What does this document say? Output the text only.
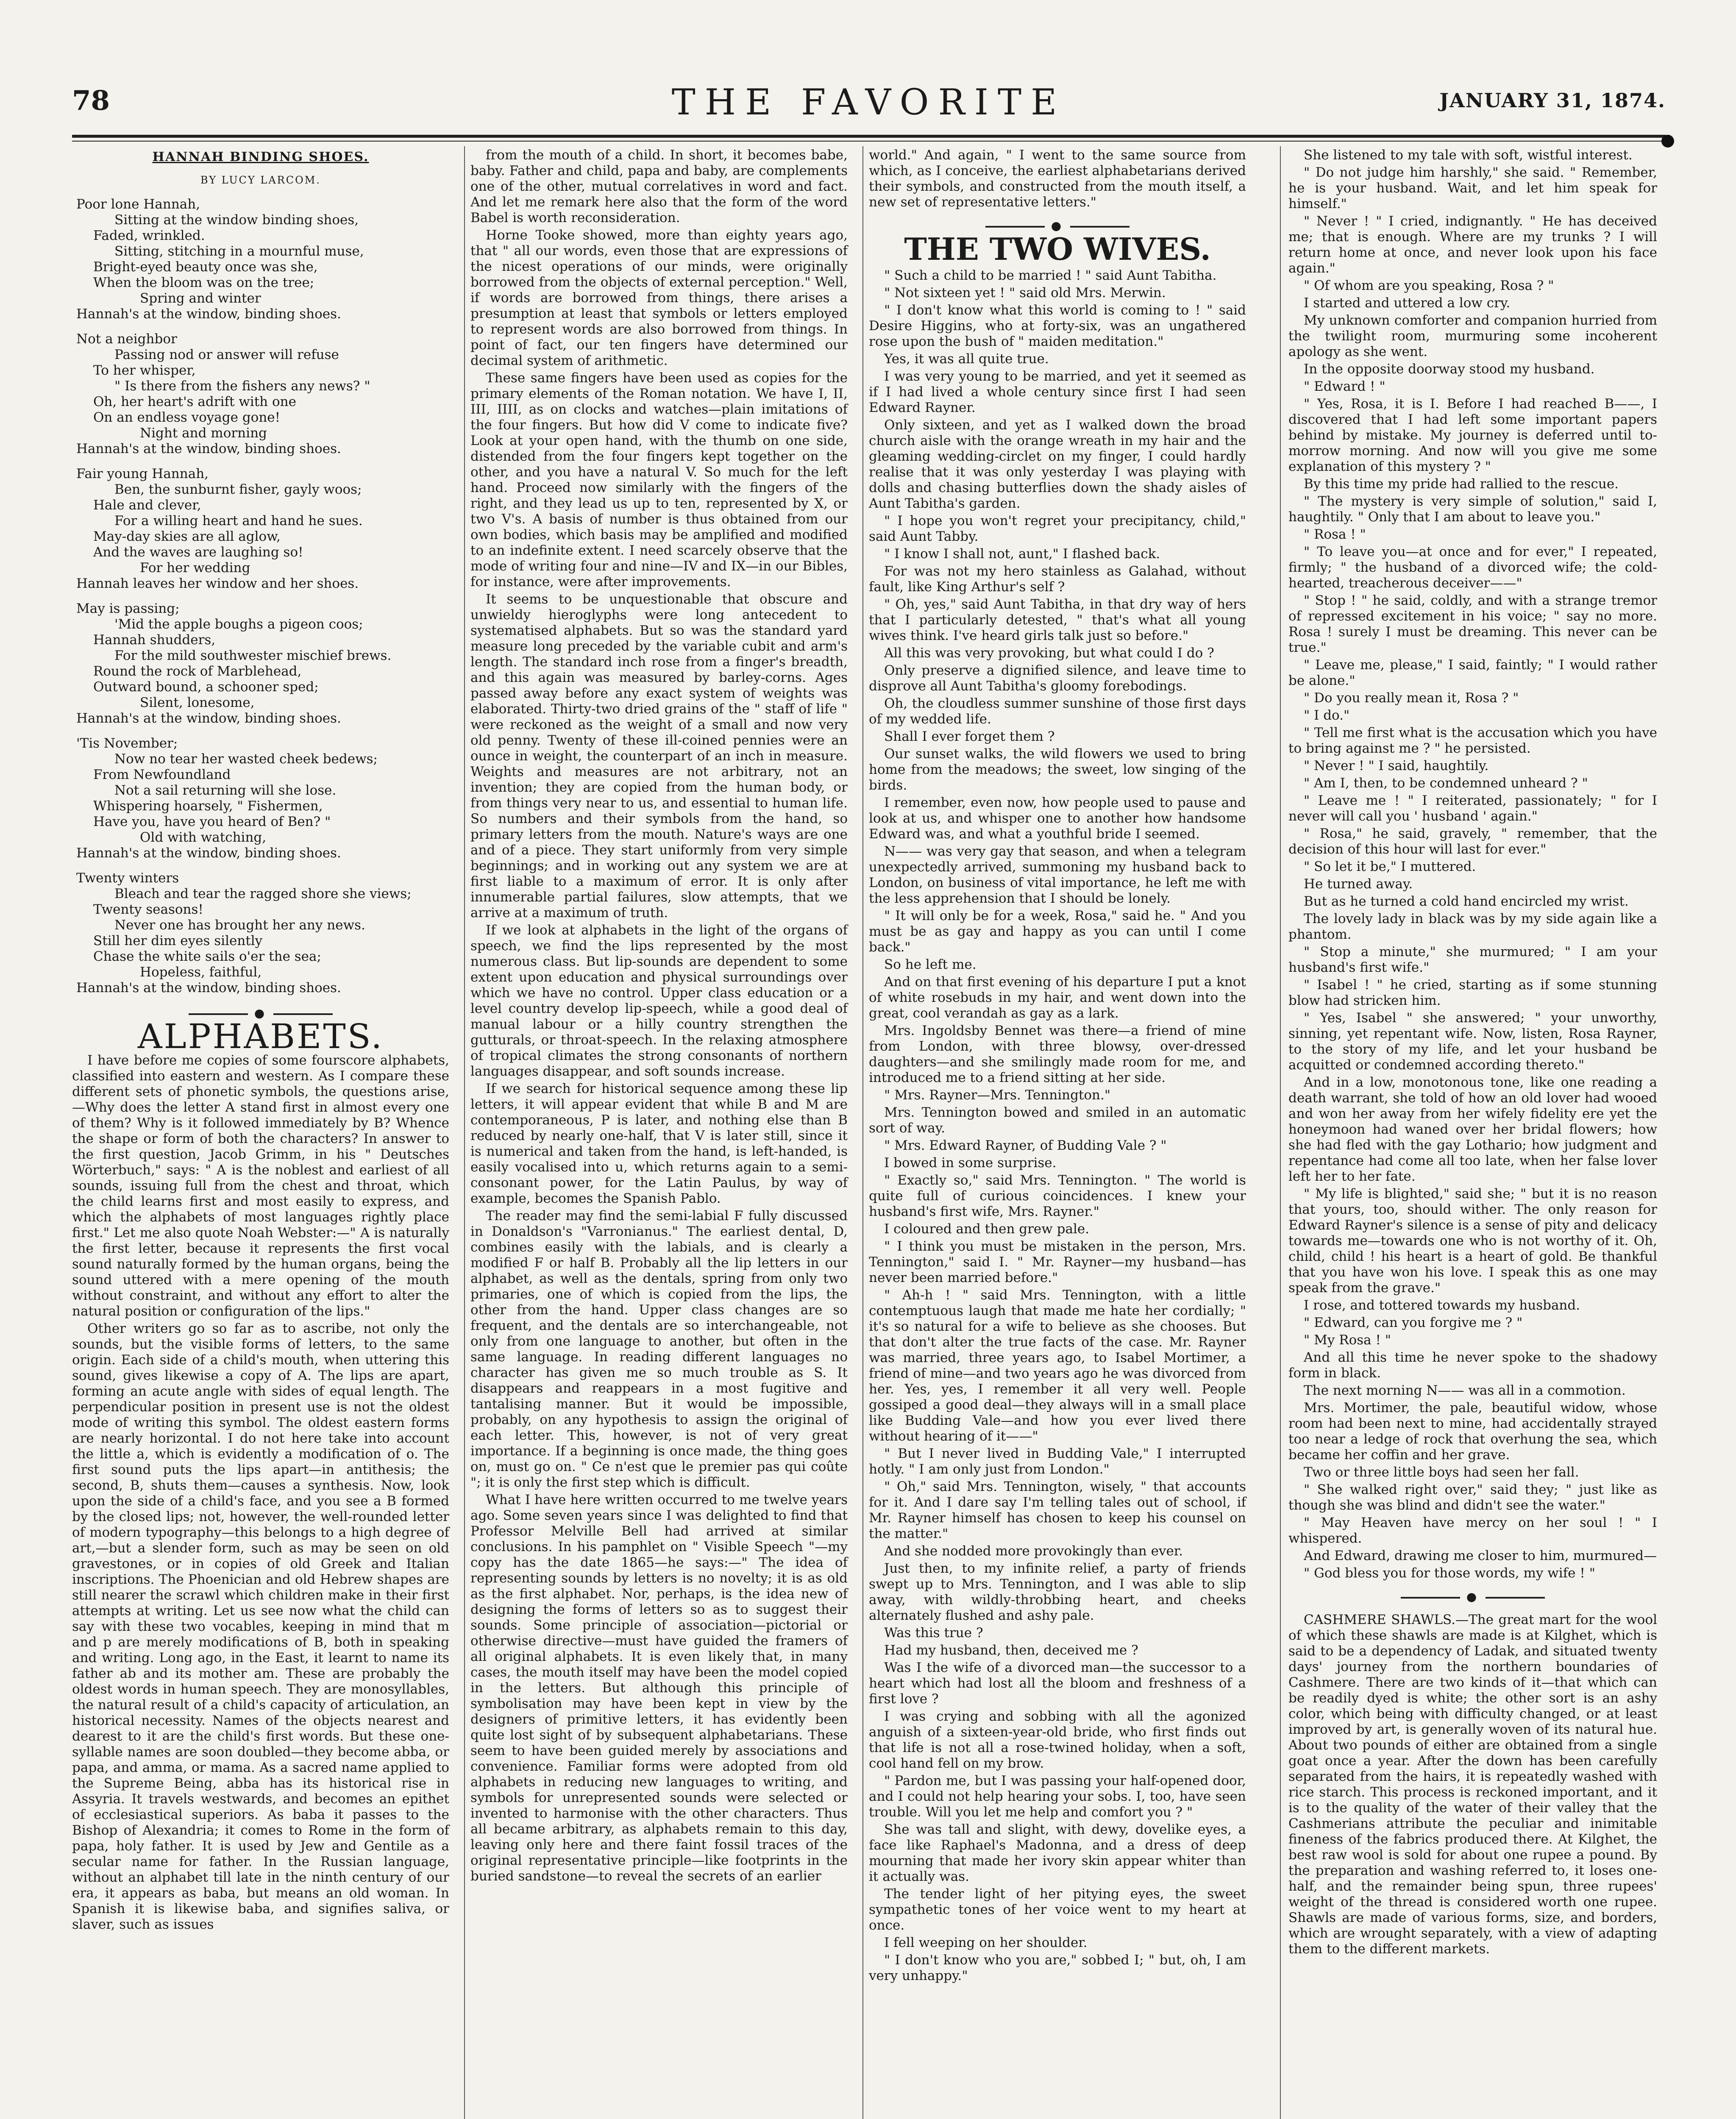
78	THE FAVORITE	JANUARY 31, 1874.
HANNAH BINDING SHOES.
BY LUCY LARCOM.
Poor lone Hannah,
Sitting at the window binding shoes,
Faded, wrinkled.
Sitting, stitching in a mournful muse,
Bright-eyed beauty once was she,
When the bloom was on the tree;
Spring and winter
Hannah's at the window, binding shoes.
Not a neighbor
Passing nod or answer will refuse
To her whisper,
" Is there from the fishers any news? "
Oh, her heart's adrift with one
On an endless voyage gone!
Night and morning
Hannah's at the window, binding shoes.
Fair young Hannah,
Ben, the sunburnt fisher, gayly woos;
Hale and clever,
For a willing heart and hand he sues.
May-day skies are all aglow,
And the waves are laughing so!
For her wedding
Hannah leaves her window and her shoes.
May is passing;
'Mid the apple boughs a pigeon coos;
Hannah shudders,
For the mild southwester mischief brews.
Round the rock of Marblehead,
Outward bound, a schooner sped;
Silent, lonesome,
Hannah's at the window, binding shoes.
'Tis November;
Now no tear her wasted cheek bedews;
From Newfoundland
Not a sail returning will she lose.
Whispering hoarsely, " Fishermen,
Have you, have you heard of Ben? "
Old with watching,
Hannah's at the window, binding shoes.
Twenty winters
Bleach and tear the ragged shore she views;
Twenty seasons!
Never one has brought her any news.
Still her dim eyes silently
Chase the white sails o'er the sea;
Hopeless, faithful,
Hannah's at the window, binding shoes.
●
ALPHABETS.

I have before me copies of some fourscore alphabets, classified into eastern and western. As I compare these different sets of phonetic symbols, the questions arise,—Why does the letter A stand first in almost every one of them? Why is it followed immediately by B? Whence the shape or form of both the characters? In answer to the first question, Jacob Grimm, in his " Deutsches Wörterbuch," says: " A is the noblest and earliest of all sounds, issuing full from the chest and throat, which the child learns first and most easily to express, and which the alphabets of most languages rightly place first." Let me also quote Noah Webster:—" A is naturally the first letter, because it represents the first vocal sound naturally formed by the human organs, being the sound uttered with a mere opening of the mouth without constraint, and without any effort to alter the natural position or configuration of the lips."

Other writers go so far as to ascribe, not only the sounds, but the visible forms of letters, to the same origin. Each side of a child's mouth, when uttering this sound, gives likewise a copy of A. The lips are apart, forming an acute angle with sides of equal length. The perpendicular position in present use is not the oldest mode of writing this symbol. The oldest eastern forms are nearly horizontal. I do not here take into account the little a, which is evidently a modification of o. The first sound puts the lips apart—in antithesis; the second, B, shuts them—causes a synthesis. Now, look upon the side of a child's face, and you see a B formed by the closed lips; not, however, the well-rounded letter of modern typography—this belongs to a high degree of art,—but a slender form, such as may be seen on old gravestones, or in copies of old Greek and Italian inscriptions. The Phoenician and old Hebrew shapes are still nearer the scrawl which children make in their first attempts at writing. Let us see now what the child can say with these two vocables, keeping in mind that m and p are merely modifications of B, both in speaking and writing. Long ago, in the East, it learnt to name its father ab and its mother am. These are probably the oldest words in human speech. They are monosyllables, the natural result of a child's capacity of articulation, an historical necessity. Names of the objects nearest and dearest to it are the child's first words. But these one-syllable names are soon doubled—they become abba, or papa, and amma, or mama. As a sacred name applied to the Supreme Being, abba has its historical rise in Assyria. It travels westwards, and becomes an epithet of ecclesiastical superiors. As baba it passes to the Bishop of Alexandria; it comes to Rome in the form of papa, holy father. It is used by Jew and Gentile as a secular name for father. In the Russian language, without an alphabet till late in the ninth century of our era, it appears as baba, but means an old woman. In Spanish it is likewise baba, and signifies saliva, or slaver, such as issues

from the mouth of a child. In short, it becomes babe, baby. Father and child, papa and baby, are complements one of the other, mutual correlatives in word and fact. And let me remark here also that the form of the word Babel is worth reconsideration.

Horne Tooke showed, more than eighty years ago, that " all our words, even those that are expressions of the nicest operations of our minds, were originally borrowed from the objects of external perception." Well, if words are borrowed from things, there arises a presumption at least that symbols or letters employed to represent words are also borrowed from things. In point of fact, our ten fingers have determined our decimal system of arithmetic.

These same fingers have been used as copies for the primary elements of the Roman notation. We have I, II, III, IIII, as on clocks and watches—plain imitations of the four fingers. But how did V come to indicate five? Look at your open hand, with the thumb on one side, distended from the four fingers kept together on the other, and you have a natural V. So much for the left hand. Proceed now similarly with the fingers of the right, and they lead us up to ten, represented by X, or two V's. A basis of number is thus obtained from our own bodies, which basis may be amplified and modified to an indefinite extent. I need scarcely observe that the mode of writing four and nine—IV and IX—in our Bibles, for instance, were after improvements.

It seems to be unquestionable that obscure and unwieldy hieroglyphs were long antecedent to systematised alphabets. But so was the standard yard measure long preceded by the variable cubit and arm's length. The standard inch rose from a finger's breadth, and this again was measured by barley-corns. Ages passed away before any exact system of weights was elaborated. Thirty-two dried grains of the " staff of life " were reckoned as the weight of a small and now very old penny. Twenty of these ill-coined pennies were an ounce in weight, the counterpart of an inch in measure. Weights and measures are not arbitrary, not an invention; they are copied from the human body, or from things very near to us, and essential to human life. So numbers and their symbols from the hand, so primary letters from the mouth. Nature's ways are one and of a piece. They start uniformly from very simple beginnings; and in working out any system we are at first liable to a maximum of error. It is only after innumerable partial failures, slow attempts, that we arrive at a maximum of truth.

If we look at alphabets in the light of the organs of speech, we find the lips represented by the most numerous class. But lip-sounds are dependent to some extent upon education and physical surroundings over which we have no control. Upper class education or a level country develop lip-speech, while a good deal of manual labour or a hilly country strengthen the gutturals, or throat-speech. In the relaxing atmosphere of tropical climates the strong consonants of northern languages disappear, and soft sounds increase.

If we search for historical sequence among these lip letters, it will appear evident that while B and M are contemporaneous, P is later, and nothing else than B reduced by nearly one-half, that V is later still, since it is numerical and taken from the hand, is left-handed, is easily vocalised into u, which returns again to a semi-consonant power, for the Latin Paulus, by way of example, becomes the Spanish Pablo.

The reader may find the semi-labial F fully discussed in Donaldson's "Varronianus." The earliest dental, D, combines easily with the labials, and is clearly a modified F or half B. Probably all the lip letters in our alphabet, as well as the dentals, spring from only two primaries, one of which is copied from the lips, the other from the hand. Upper class changes are so frequent, and the dentals are so interchangeable, not only from one language to another, but often in the same language. In reading different languages no character has given me so much trouble as S. It disappears and reappears in a most fugitive and tantalising manner. But it would be impossible, probably, on any hypothesis to assign the original of each letter. This, however, is not of very great importance. If a beginning is once made, the thing goes on, must go on. " Ce n'est que le premier pas qui coûte "; it is only the first step which is difficult.

What I have here written occurred to me twelve years ago. Some seven years since I was delighted to find that Professor Melville Bell had arrived at similar conclusions. In his pamphlet on " Visible Speech "—my copy has the date 1865—he says:—" The idea of representing sounds by letters is no novelty; it is as old as the first alphabet. Nor, perhaps, is the idea new of designing the forms of letters so as to suggest their sounds. Some principle of association—pictorial or otherwise directive—must have guided the framers of all original alphabets. It is even likely that, in many cases, the mouth itself may have been the model copied in the letters. But although this principle of symbolisation may have been kept in view by the designers of primitive letters, it has evidently been quite lost sight of by subsequent alphabetarians. These seem to have been guided merely by associations and convenience. Familiar forms were adopted from old alphabets in reducing new languages to writing, and symbols for unrepresented sounds were selected or invented to harmonise with the other characters. Thus all became arbitrary, as alphabets remain to this day, leaving only here and there faint fossil traces of the original representative principle—like footprints in the buried sandstone—to reveal the secrets of an earlier

world." And again, " I went to the same source from which, as I conceive, the earliest alphabetarians derived their symbols, and constructed from the mouth itself, a new set of representative letters."

●
THE TWO WIVES.

" Such a child to be married ! " said Aunt Tabitha.

" Not sixteen yet ! " said old Mrs. Merwin.

" I don't know what this world is coming to ! " said Desire Higgins, who at forty-six, was an ungathered rose upon the bush of " maiden meditation."

Yes, it was all quite true.

I was very young to be married, and yet it seemed as if I had lived a whole century since first I had seen Edward Rayner.

Only sixteen, and yet as I walked down the broad church aisle with the orange wreath in my hair and the gleaming wedding-circlet on my finger, I could hardly realise that it was only yesterday I was playing with dolls and chasing butterflies down the shady aisles of Aunt Tabitha's garden.

" I hope you won't regret your precipitancy, child," said Aunt Tabby.

" I know I shall not, aunt," I flashed back.

For was not my hero stainless as Galahad, without fault, like King Arthur's self ?

" Oh, yes," said Aunt Tabitha, in that dry way of hers that I particularly detested, " that's what all young wives think. I've heard girls talk just so before."

All this was very provoking, but what could I do ?

Only preserve a dignified silence, and leave time to disprove all Aunt Tabitha's gloomy forebodings.

Oh, the cloudless summer sunshine of those first days of my wedded life.

Shall I ever forget them ?

Our sunset walks, the wild flowers we used to bring home from the meadows; the sweet, low singing of the birds.

I remember, even now, how people used to pause and look at us, and whisper one to another how handsome Edward was, and what a youthful bride I seemed.

N—— was very gay that season, and when a telegram unexpectedly arrived, summoning my husband back to London, on business of vital importance, he left me with the less apprehension that I should be lonely.

" It will only be for a week, Rosa," said he. " And you must be as gay and happy as you can until I come back."

So he left me.

And on that first evening of his departure I put a knot of white rosebuds in my hair, and went down into the great, cool verandah as gay as a lark.

Mrs. Ingoldsby Bennet was there—a friend of mine from London, with three blowsy, over-dressed daughters—and she smilingly made room for me, and introduced me to a friend sitting at her side.

" Mrs. Rayner—Mrs. Tennington."

Mrs. Tennington bowed and smiled in an automatic sort of way.

" Mrs. Edward Rayner, of Budding Vale ? "

I bowed in some surprise.

" Exactly so," said Mrs. Tennington. " The world is quite full of curious coincidences. I knew your husband's first wife, Mrs. Rayner."

I coloured and then grew pale.

" I think you must be mistaken in the person, Mrs. Tennington," said I. " Mr. Rayner—my husband—has never been married before."

" Ah-h ! " said Mrs. Tennington, with a little contemptuous laugh that made me hate her cordially; " it's so natural for a wife to believe as she chooses. But that don't alter the true facts of the case. Mr. Rayner was married, three years ago, to Isabel Mortimer, a friend of mine—and two years ago he was divorced from her. Yes, yes, I remember it all very well. People gossiped a good deal—they always will in a small place like Budding Vale—and how you ever lived there without hearing of it——"

" But I never lived in Budding Vale," I interrupted hotly. " I am only just from London."

" Oh," said Mrs. Tennington, wisely, " that accounts for it. And I dare say I'm telling tales out of school, if Mr. Rayner himself has chosen to keep his counsel on the matter."

And she nodded more provokingly than ever.

Just then, to my infinite relief, a party of friends swept up to Mrs. Tennington, and I was able to slip away, with wildly-throbbing heart, and cheeks alternately flushed and ashy pale.

Was this true ?

Had my husband, then, deceived me ?

Was I the wife of a divorced man—the successor to a heart which had lost all the bloom and freshness of a first love ?

I was crying and sobbing with all the agonized anguish of a sixteen-year-old bride, who first finds out that life is not all a rose-twined holiday, when a soft, cool hand fell on my brow.

" Pardon me, but I was passing your half-opened door, and I could not help hearing your sobs. I, too, have seen trouble. Will you let me help and comfort you ? "

She was tall and slight, with dewy, dovelike eyes, a face like Raphael's Madonna, and a dress of deep mourning that made her ivory skin appear whiter than it actually was.

The tender light of her pitying eyes, the sweet sympathetic tones of her voice went to my heart at once.

I fell weeping on her shoulder.

" I don't know who you are," sobbed I; " but, oh, I am very unhappy."

She listened to my tale with soft, wistful interest.

" Do not judge him harshly," she said. " Remember, he is your husband. Wait, and let him speak for himself."

" Never ! " I cried, indignantly. " He has deceived me; that is enough. Where are my trunks ? I will return home at once, and never look upon his face again."

" Of whom are you speaking, Rosa ? "

I started and uttered a low cry.

My unknown comforter and companion hurried from the twilight room, murmuring some incoherent apology as she went.

In the opposite doorway stood my husband.

" Edward ! "

" Yes, Rosa, it is I. Before I had reached B——, I discovered that I had left some important papers behind by mistake. My journey is deferred until to-morrow morning. And now will you give me some explanation of this mystery ? "

By this time my pride had rallied to the rescue.

" The mystery is very simple of solution," said I, haughtily. " Only that I am about to leave you."

" Rosa ! "

" To leave you—at once and for ever," I repeated, firmly; " the husband of a divorced wife; the cold-hearted, treacherous deceiver——"

" Stop ! " he said, coldly, and with a strange tremor of repressed excitement in his voice; " say no more. Rosa ! surely I must be dreaming. This never can be true."

" Leave me, please," I said, faintly; " I would rather be alone."

" Do you really mean it, Rosa ? "

" I do."

" Tell me first what is the accusation which you have to bring against me ? " he persisted.

" Never ! " I said, haughtily.

" Am I, then, to be condemned unheard ? "

" Leave me ! " I reiterated, passionately; " for I never will call you ' husband ' again."

" Rosa," he said, gravely, " remember, that the decision of this hour will last for ever."

" So let it be," I muttered.

He turned away.

But as he turned a cold hand encircled my wrist.

The lovely lady in black was by my side again like a phantom.

" Stop a minute," she murmured; " I am your husband's first wife."

" Isabel ! " he cried, starting as if some stunning blow had stricken him.

" Yes, Isabel " she answered; " your unworthy, sinning, yet repentant wife. Now, listen, Rosa Rayner, to the story of my life, and let your husband be acquitted or condemned according thereto."

And in a low, monotonous tone, like one reading a death warrant, she told of how an old lover had wooed and won her away from her wifely fidelity ere yet the honeymoon had waned over her bridal flowers; how she had fled with the gay Lothario; how judgment and repentance had come all too late, when her false lover left her to her fate.

" My life is blighted," said she; " but it is no reason that yours, too, should wither. The only reason for Edward Rayner's silence is a sense of pity and delicacy towards me—towards one who is not worthy of it. Oh, child, child ! his heart is a heart of gold. Be thankful that you have won his love. I speak this as one may speak from the grave."

I rose, and tottered towards my husband.

" Edward, can you forgive me ? "

" My Rosa ! "

And all this time he never spoke to the shadowy form in black.

The next morning N—— was all in a commotion.

Mrs. Mortimer, the pale, beautiful widow, whose room had been next to mine, had accidentally strayed too near a ledge of rock that overhung the sea, which became her coffin and her grave.

Two or three little boys had seen her fall.

" She walked right over," said they; " just like as though she was blind and didn't see the water."

" May Heaven have mercy on her soul ! " I whispered.

And Edward, drawing me closer to him, murmured—

" God bless you for those words, my wife ! "

●

CASHMERE SHAWLS.—The great mart for the wool of which these shawls are made is at Kilghet, which is said to be a dependency of Ladak, and situated twenty days' journey from the northern boundaries of Cashmere. There are two kinds of it—that which can be readily dyed is white; the other sort is an ashy color, which being with difficulty changed, or at least improved by art, is generally woven of its natural hue. About two pounds of either are obtained from a single goat once a year. After the down has been carefully separated from the hairs, it is repeatedly washed with rice starch. This process is reckoned important, and it is to the quality of the water of their valley that the Cashmerians attribute the peculiar and inimitable fineness of the fabrics produced there. At Kilghet, the best raw wool is sold for about one rupee a pound. By the preparation and washing referred to, it loses one-half, and the remainder being spun, three rupees' weight of the thread is considered worth one rupee. Shawls are made of various forms, size, and borders, which are wrought separately, with a view of adapting them to the different markets.
